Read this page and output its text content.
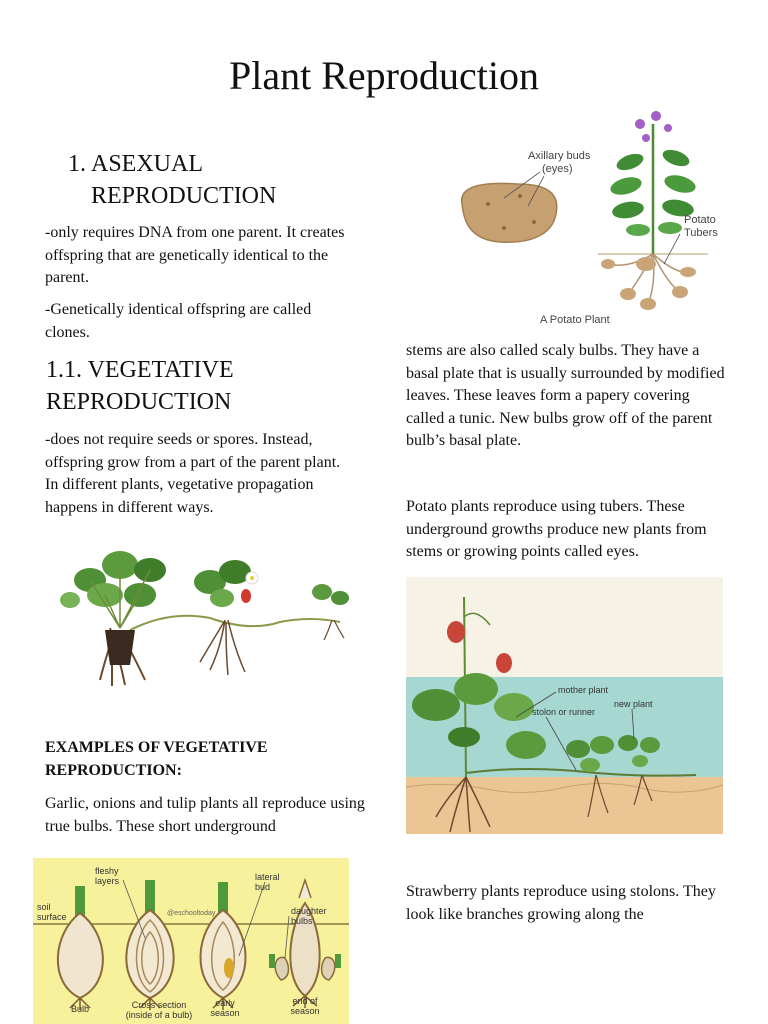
Plant Reproduction
1. ASEXUAL REPRODUCTION
-only requires DNA from one parent. It creates offspring that are genetically identical to the parent.
-Genetically identical offspring are called clones.
1.1. VEGETATIVE REPRODUCTION
-does not require seeds or spores. Instead, offspring grow from a part of the parent plant. In different plants, vegetative propagation happens in different ways.
EXAMPLES OF VEGETATIVE REPRODUCTION:
Garlic, onions and tulip plants all reproduce using true bulbs. These short underground
fleshy
layers	lateral
bud
soil
surface
daughter
bulbs
@eschooltoday
Bulb	Cross section
(inside of a bulb)
early
season
end of
season
Axillary buds
(eyes)
Potato
Tubers
A Potato Plant
stems are also called scaly bulbs. They have a basal plate that is usually surrounded by modified leaves. These leaves form a papery covering called a tunic. New bulbs grow off of the parent bulb’s basal plate.
Potato plants reproduce using tubers. These underground growths produce new plants from stems or growing points called eyes.
mother plant
stolon or runner
new plant
Strawberry plants reproduce using stolons. They look like branches growing along the
